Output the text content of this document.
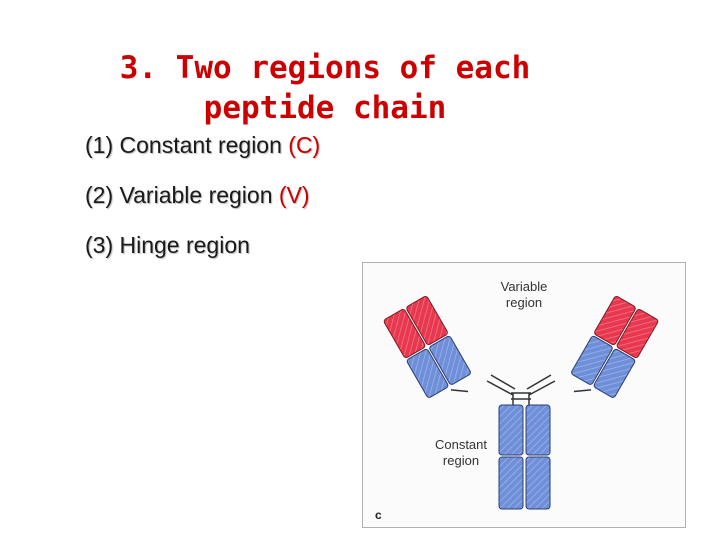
3. Two regions of each
peptide chain
(1) Constant region (C)
(2) Variable region (V)
(3) Hinge region
Variable
region
Constant
region
c
